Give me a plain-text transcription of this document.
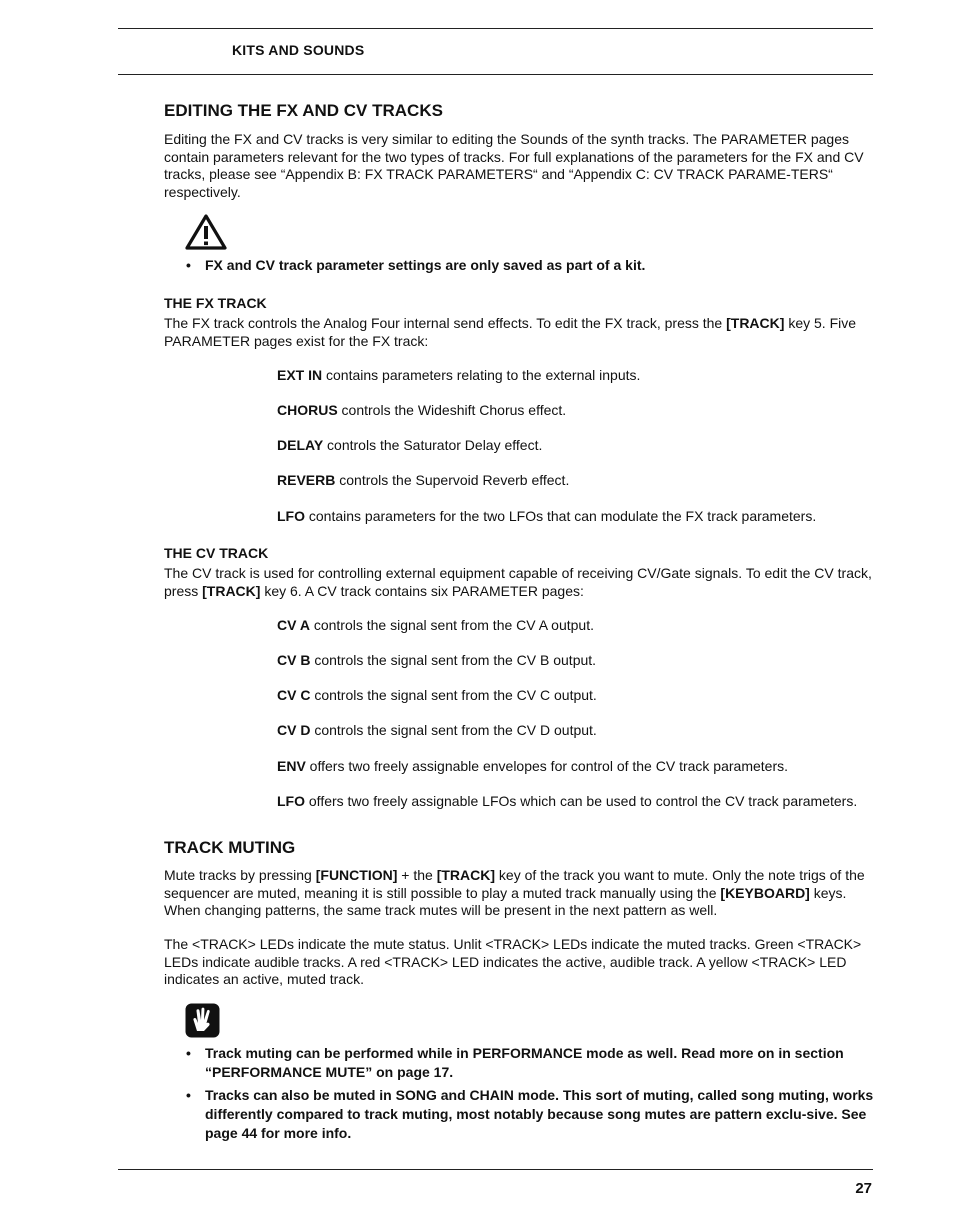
KITS AND SOUNDS
EDITING THE FX AND CV TRACKS

Editing the FX and CV tracks is very similar to editing the Sounds of the synth tracks. The PARAMETER pages contain parameters relevant for the two types of tracks. For full explanations of the parameters for the FX and CV tracks, please see “Appendix B: FX TRACK PARAMETERS“ and “Appendix C: CV TRACK PARAME-TERS“ respectively.

• FX and CV track parameter settings are only saved as part of a kit.
THE FX TRACK

The FX track controls the Analog Four internal send effects. To edit the FX track, press the [TRACK] key 5. Five PARAMETER pages exist for the FX track:

EXT IN contains parameters relating to the external inputs.
CHORUS controls the Wideshift Chorus effect.
DELAY controls the Saturator Delay effect.
REVERB controls the Supervoid Reverb effect.
LFO contains parameters for the two LFOs that can modulate the FX track parameters.
THE CV TRACK

The CV track is used for controlling external equipment capable of receiving CV/Gate signals. To edit the CV track, press [TRACK] key 6. A CV track contains six PARAMETER pages:

CV A controls the signal sent from the CV A output.
CV B controls the signal sent from the CV B output.
CV C controls the signal sent from the CV C output.
CV D controls the signal sent from the CV D output.
ENV offers two freely assignable envelopes for control of the CV track parameters.
LFO offers two freely assignable LFOs which can be used to control the CV track parameters.
TRACK MUTING

Mute tracks by pressing [FUNCTION] + the [TRACK] key of the track you want to mute. Only the note trigs of the sequencer are muted, meaning it is still possible to play a muted track manually using the [KEYBOARD] keys. When changing patterns, the same track mutes will be present in the next pattern as well.

The <TRACK> LEDs indicate the mute status. Unlit <TRACK> LEDs indicate the muted tracks. Green <TRACK> LEDs indicate audible tracks. A red <TRACK> LED indicates the active, audible track. A yellow <TRACK> LED indicates an active, muted track.

• Track muting can be performed while in PERFORMANCE mode as well. Read more on in section “PERFORMANCE MUTE” on page 17.
• Tracks can also be muted in SONG and CHAIN mode. This sort of muting, called song muting, works differently compared to track muting, most notably because song mutes are pattern exclu-sive. See page 44 for more info.
27
